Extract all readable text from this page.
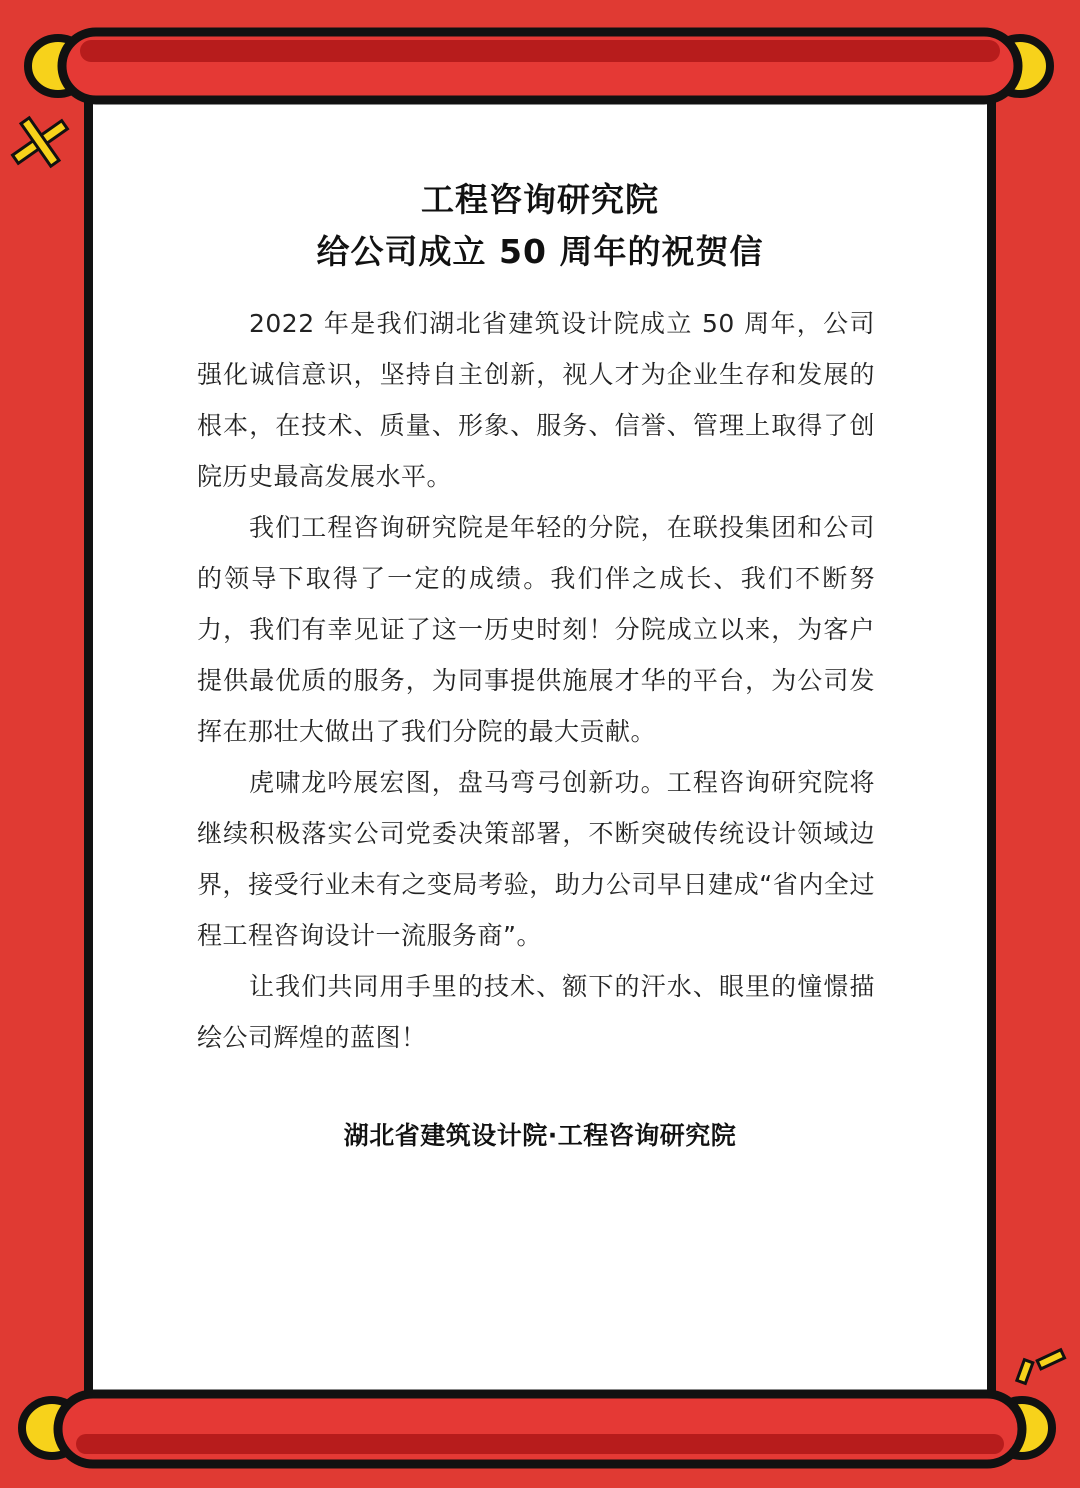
工程咨询研究院
给公司成立 50 周年的祝贺信

2022 年是我们湖北省建筑设计院成立 50 周年，公司强化诚信意识，坚持自主创新，视人才为企业生存和发展的根本，在技术、质量、形象、服务、信誉、管理上取得了创院历史最高发展水平。

我们工程咨询研究院是年轻的分院，在联投集团和公司的领导下取得了一定的成绩。我们伴之成长、我们不断努力，我们有幸见证了这一历史时刻！分院成立以来，为客户提供最优质的服务，为同事提供施展才华的平台，为公司发挥在那壮大做出了我们分院的最大贡献。

虎啸龙吟展宏图，盘马弯弓创新功。工程咨询研究院将继续积极落实公司党委决策部署，不断突破传统设计领域边界，接受行业未有之变局考验，助力公司早日建成“省内全过程工程咨询设计一流服务商”。

让我们共同用手里的技术、额下的汗水、眼里的憧憬描绘公司辉煌的蓝图！

湖北省建筑设计院·工程咨询研究院
